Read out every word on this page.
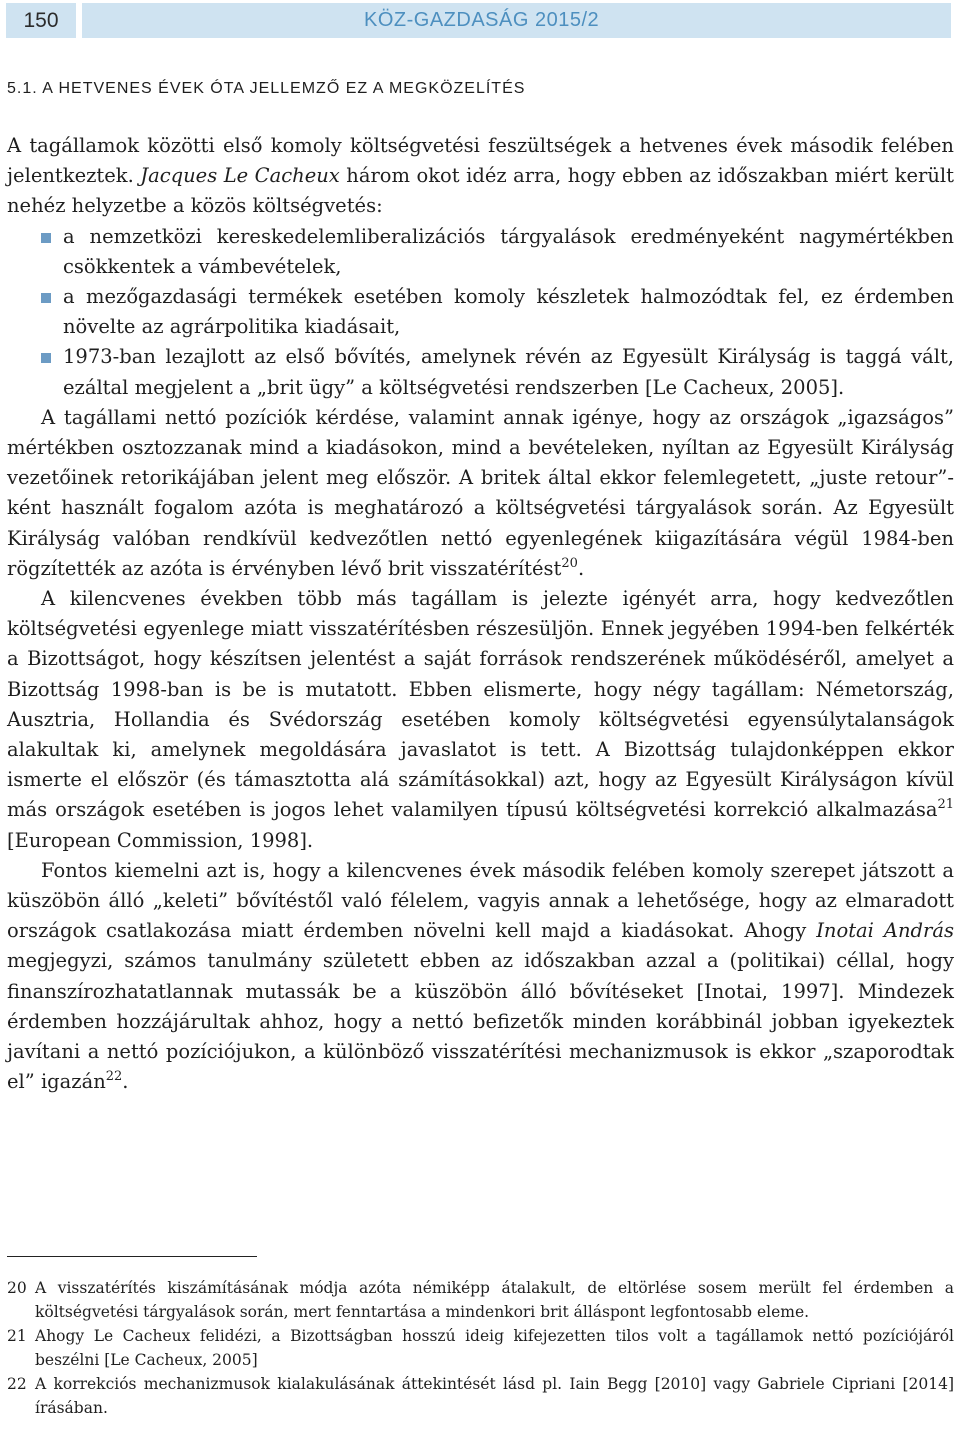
150	KÖZ-GAZDASÁG 2015/2
5.1. A HETVENES ÉVEK ÓTA JELLEMZŐ EZ A MEGKÖZELÍTÉS

A tagállamok közötti első komoly költségvetési feszültségek a hetvenes évek második felében jelentkeztek. Jacques Le Cacheux három okot idéz arra, hogy ebben az időszakban miért került nehéz helyzetbe a közös költségvetés:

a nemzetközi kereskedelemliberalizációs tárgyalások eredményeként nagymértékben csökkentek a vámbevételek,
a mezőgazdasági termékek esetében komoly készletek halmozódtak fel, ez érdemben növelte az agrárpolitika kiadásait,
1973-ban lezajlott az első bővítés, amelynek révén az Egyesült Királyság is taggá vált, ezáltal megjelent a „brit ügy” a költségvetési rendszerben [Le Cacheux, 2005].

A tagállami nettó pozíciók kérdése, valamint annak igénye, hogy az országok „igazságos” mértékben osztozzanak mind a kiadásokon, mind a bevételeken, nyíltan az Egyesült Királyság vezetőinek retorikájában jelent meg először. A britek által ekkor felemlegetett, „juste retour”-ként használt fogalom azóta is meghatározó a költségvetési tárgyalások során. Az Egyesült Királyság valóban rendkívül kedvezőtlen nettó egyenlegének kiigazítására végül 1984-ben rögzítették az azóta is érvényben lévő brit visszatérítést$^{20}$.

A kilencvenes években több más tagállam is jelezte igényét arra, hogy kedvezőtlen költségvetési egyenlege miatt visszatérítésben részesüljön. Ennek jegyében 1994-ben felkérték a Bizottságot, hogy készítsen jelentést a saját források rendszerének működéséről, amelyet a Bizottság 1998-ban is be is mutatott. Ebben elismerte, hogy négy tagállam: Németország, Ausztria, Hollandia és Svédország esetében komoly költségvetési egyensúlytalanságok alakultak ki, amelynek megoldására javaslatot is tett. A Bizottság tulajdonképpen ekkor ismerte el először (és támasztotta alá számításokkal) azt, hogy az Egyesült Királyságon kívül más országok esetében is jogos lehet valamilyen típusú költségvetési korrekció alkalmazása$^{21}$ [European Commission, 1998].

Fontos kiemelni azt is, hogy a kilencvenes évek második felében komoly szerepet játszott a küszöbön álló „keleti” bővítéstől való félelem, vagyis annak a lehetősége, hogy az elmaradott országok csatlakozása miatt érdemben növelni kell majd a kiadásokat. Ahogy Inotai András megjegyzi, számos tanulmány született ebben az időszakban azzal a (politikai) céllal, hogy finanszírozhatatlannak mutassák be a küszöbön álló bővítéseket [Inotai, 1997]. Mindezek érdemben hozzájárultak ahhoz, hogy a nettó befizetők minden korábbinál jobban igyekeztek javítani a nettó pozíciójukon, a különböző visszatérítési mechanizmusok is ekkor „szaporodtak el” igazán$^{22}$.

20 A visszatérítés kiszámításának módja azóta némiképp átalakult, de eltörlése sosem merült fel érdemben a költségvetési tárgyalások során, mert fenntartása a mindenkori brit álláspont legfontosabb eleme.

21 Ahogy Le Cacheux felidézi, a Bizottságban hosszú ideig kifejezetten tilos volt a tagállamok nettó pozíciójáról beszélni [Le Cacheux, 2005]

22 A korrekciós mechanizmusok kialakulásának áttekintését lásd pl. Iain Begg [2010] vagy Gabriele Cipriani [2014] írásában.
